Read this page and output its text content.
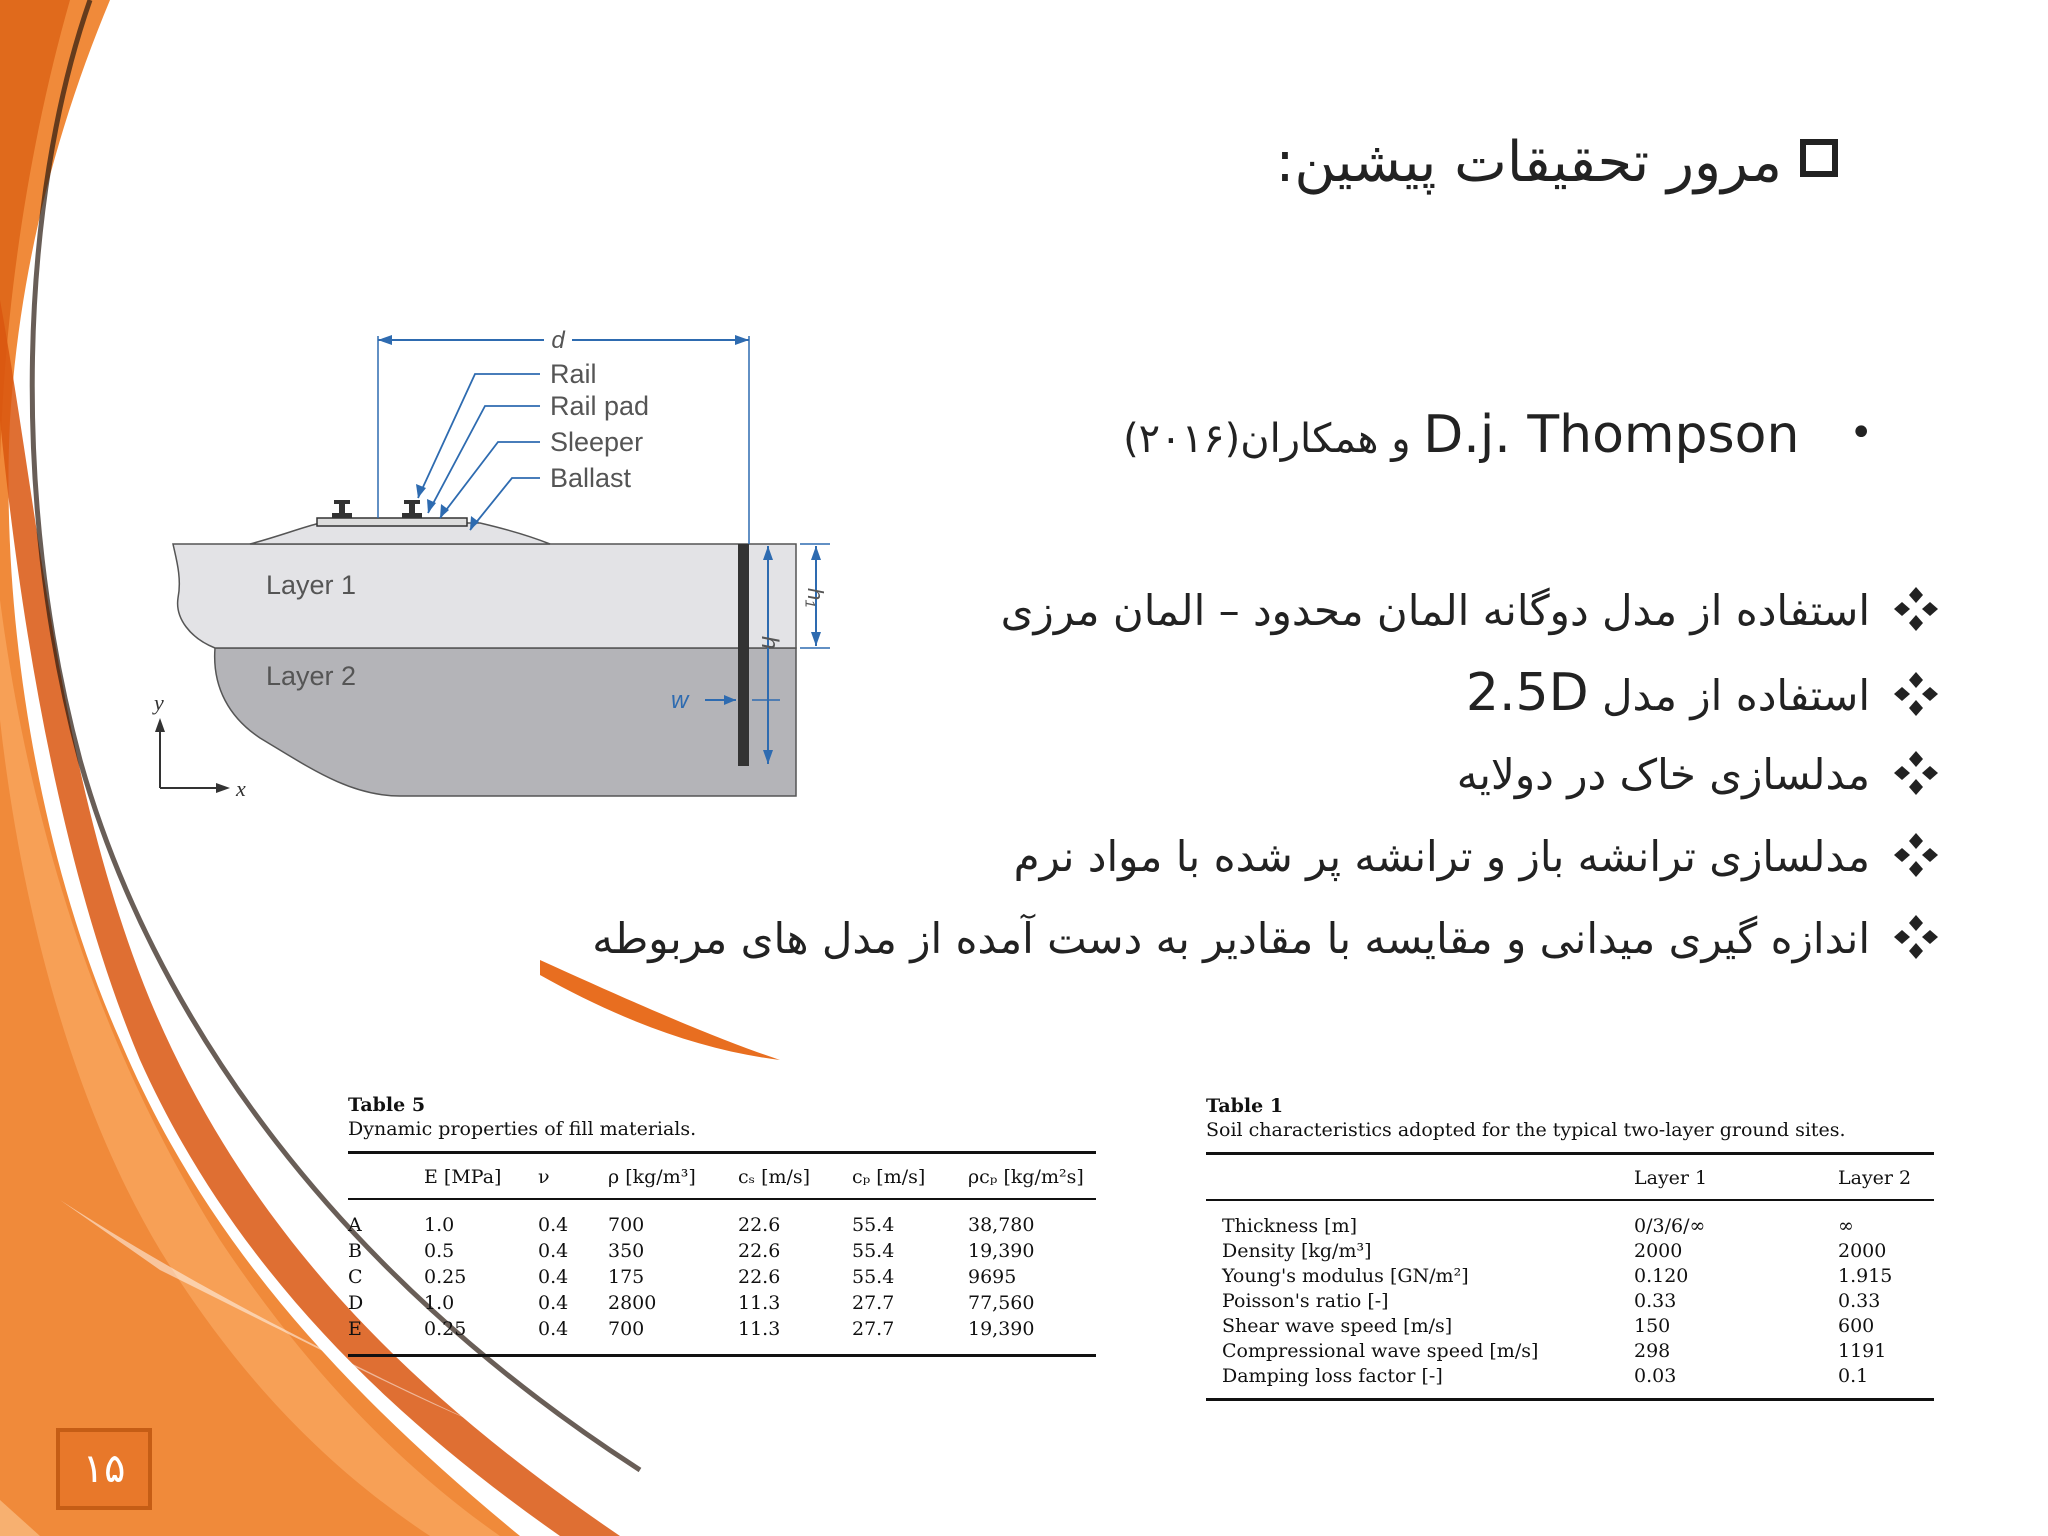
مرور تحقیقات پیشین:
•D.j. Thompson و همکاران(۲۰۱۶)
استفاده از مدل دوگانه المان محدود – المان مرزی
استفاده از مدل 2.5D
مدلسازی خاک در دولایه
مدلسازی ترانشه باز و ترانشه پر شده با مواد نرم
اندازه گیری میدانی و مقایسه با مقادیر به دست آمده از مدل های مربوطه
d
Rail
Rail pad
Sleeper
Ballast
Layer 1
Layer 2
h
h₁
w
y
x
Table 5
Dynamic properties of fill materials.
	E [MPa]	ν	ρ [kg/m³]	cₛ [m/s]	cₚ [m/s]	ρcₚ [kg/m²s]
A	1.0	0.4	700	22.6	55.4	38,780
B	0.5	0.4	350	22.6	55.4	19,390
C	0.25	0.4	175	22.6	55.4	9695
D	1.0	0.4	2800	11.3	27.7	77,560
E	0.25	0.4	700	11.3	27.7	19,390
Table 1
Soil characteristics adopted for the typical two-layer ground sites.
	Layer 1	Layer 2
Thickness [m]	0/3/6/∞	∞
Density [kg/m³]	2000	2000
Young's modulus [GN/m²]	0.120	1.915
Poisson's ratio [-]	0.33	0.33
Shear wave speed [m/s]	150	600
Compressional wave speed [m/s]	298	1191
Damping loss factor [-]	0.03	0.1
۱۵
